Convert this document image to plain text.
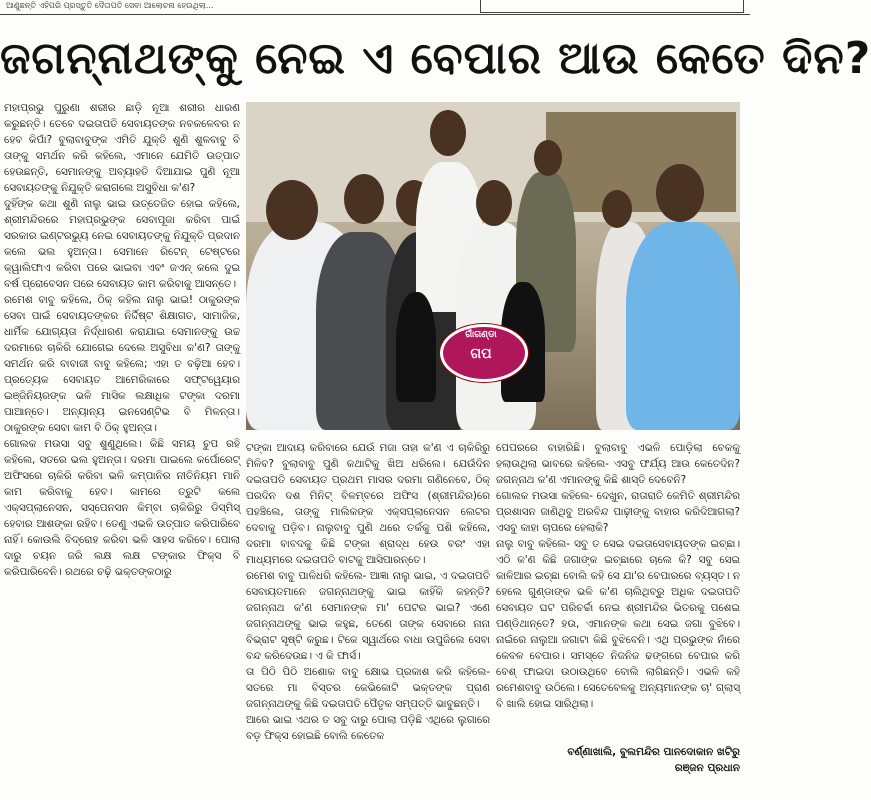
ଆଣୁଛନ୍ତି ଏହିପରି ପ୍ରସ୍ତୁତି ଦୈତାପତି ସେବା ଆଲୋଚନା ହେଉଥିଲା...
ଜଗନ୍ନାଥଙ୍କୁ ନେଇ ଏ ବେପାର ଆଉ କେତେ ଦିନ?

ମହାପ୍ରଭୁ ପୁରୁଣା ଶରୀର ଛାଡ଼ି ନୂଆ ଶରୀର ଧାରଣ କରୁଛନ୍ତି। ତେବେ ଦଇତାପତି ସେବାୟତଙ୍କ ନବକଳେବର ନ ହେବ କିପାଁ? ବୁଲାବାବୁଙ୍କ ଏମିତି ଯୁକ୍ତି ଶୁଣି ଶୁଳବାବୁ ବି ତାଙ୍କୁ ସମର୍ଥନ କରି କହିଲେ, ଏମାନେ ଯେମିତି ଉତ୍ପାତ ହେଉଛନ୍ତି, ସେମାନଙ୍କୁ ଅବ୍ୟାହତି ଦିଆଯାଇ ପୁଣି ନୂଆ ସେବାୟତଙ୍କୁ ନିଯୁକ୍ତି କରାଗଲେ ଅସୁବିଧା କ'ଣ?

ଦୁହିଁଙ୍କ କଥା ଶୁଣି ନାଲୁ ଭାଇ ଉତ୍ତେଜିତ ହୋଇ କହିଲେ, ଶ୍ରୀମନ୍ଦିରରେ ମହାପ୍ରଭୁଙ୍କ ସେବାପୂଜା କରିବା ପାଇଁ ସରକାର ଇଣ୍ଟରଭ୍ୟୁ ନେଇ ସେବାୟତଙ୍କୁ ନିଯୁକ୍ତି ପ୍ରଦାନ କଲେ ଭଲ ହୁଅନ୍ତା। ସେମାନେ ରିଟେନ୍ ଟେଷ୍ଟରେ କ୍ୱାଲିଫାଏ କରିବା ପରେ ଭାଇବା ଏବଂ ଜଏନ୍ କଲେ ଦୁଇ ବର୍ଷ ପ୍ରୋବେସନ ପରେ ସେବାୟତ କାମ କରିବାକୁ ଆସନ୍ତେ।

ରମେଶ ବାବୁ କହିଲେ, ଠିକ୍ କହିଲ ନାଲୁ ଭାଇ! ଠାକୁରଙ୍କ ସେବା ପାଇଁ ସେବାୟତଙ୍କର ନିର୍ଦ୍ଦିଷ୍ଟ ଶିକ୍ଷାଗତ, ସାମାଜିକ, ଧାର୍ମିକ ଯୋଗ୍ୟତା ନିର୍ଦ୍ଧାରଣ କରାଯାଇ ସେମାନଙ୍କୁ ଉଚ୍ଚ ଦରମାରେ ଚାକିରି ଯୋଗେଇ ଦେଲେ ଅସୁବିଧା କ'ଣ? ତାଙ୍କୁ ସମର୍ଥନ କରି ବାବାଜୀ ବାବୁ କହିଲେ; ଏହା ତ ବଢ଼ିଆ ହେବ। ପ୍ରତ୍ୟେକ ସେବାୟତ ଆମେରିକାରେ ସଫ୍ଟୱେୟାର ଇଞ୍ଜିନିୟରଙ୍କ ଭଳି ମାସିକ ଲକ୍ଷାଧିକ ଟଙ୍କା ଦରମା ପାଆନ୍ତେ। ଅନ୍ୟାନ୍ୟ ଇନସେଣ୍ଟିଭ ବି ମିଳନ୍ତା। ଠାକୁରଙ୍କ ସେବା କାମ ବି ଠିକ୍ ହୁଅନ୍ତା।

ଗୋଲକ ମଉସା ସବୁ ଶୁଣୁଥିଲେ। କିଛି ସମୟ ଚୁପ ରହି କହିଲେ, ସତରେ ଭଲ ହୁଅନ୍ତା। ଦରମା ପାଇଲେ କର୍ପୋରେଟ୍ ଅଫିସରେ ଚାକିରି କରିବା ଭଳି କମ୍ପାନିର ନୀତିନିୟମ ମାନି କାମ କରିବାକୁ ହେବ। କାମରେ ତ୍ରୁଟି କଲେ ଏକ୍ସପ୍ଲାନେସନ, ସସ୍ପେନସନ କିମ୍ବା ଚାକିରିରୁ ଡିସ୍‌ମିସ୍ ହେବାର ଆଶଙ୍କା ରହିବ। ତେଣୁ ଏଭଳି ଉତ୍ପାତ କରିପାରିବେ ନାହିଁ। କୋଉଲି ବିଦ୍ରୋହ କରିବା ଭଳି ସାହସ କରିବେ। ପୋଲା ଦାରୁ ଚୟନ ଜରି ଲକ୍ଷ ଲକ୍ଷ ଟଙ୍କାର ଫିକ୍ସ ବି କରିପାରିବେନି। ରଥରେ ଚଢ଼ି ଭକ୍ତଙ୍କଠାରୁ

ଗାଁଗଣ୍ଡା
ଗପ

ଟଙ୍କା ଆଦାୟ କରିବାରେ ଯେଉଁ ମଜା ତାହା କ'ଣ ଏ ଚାକିରିରୁ ମିଳିବ? ବୁଲାବାବୁ ପୁଣି କଥାଟିକୁ ଖିଅ ଧରିଲେ। ଯେଉଁଦିନ ଦଇତାପତି ସେବାୟତ ପ୍ରଥମ ମାସର ଦରମା ଗଣିନେବେ, ଠିକ୍ ପରଦିନ ଦଶ ମିନିଟ୍ ବିଳମ୍ବରେ ଅଫିସ (ଶ୍ରୀମନ୍ଦିର)ରେ ପହଞ୍ଚିଲେ, ତାଙ୍କୁ ମାଲିକଙ୍କ ଏକ୍ସପ୍ଲାନେସନ ଲେଟର ଦେବାକୁ ପଡ଼ିବ। ନାଲୁବାବୁ ପୁଣି ଥରେ ତର୍କକୁ ପଶି କହିଲେ, ଦରମା ବାବଦକୁ କିଛି ଟଙ୍କା ଶ୍ରାଦ୍ଧ ହେଉ ବରଂ ଏହା ମାଧ୍ୟମରେ ଦଇତାପତି ବାଟକୁ ଆସିପାରନ୍ତେ।

ରମେଶ ବାବୁ ପାଳିଧରି କହିଲେ- ଆଜ୍ଞା ନାଲୁ ଭାଇ, ଏ ଦଇତାପତି ସେବାୟତମାନେ ଜଗନ୍ନାଥଙ୍କୁ ଭାଇ କାହିଁକି କହନ୍ତି? ଜଗନ୍ନାଥ କ'ଣ ସେମାନଙ୍କ ମା' ପେଟର ଭାଇ? ଏଣେ ଜଗନ୍ନାଥଙ୍କୁ ଭାଇ କହୁଛ, ତେଣେ ତାଙ୍କ ସେବାରେ ନାନା ବିଭ୍ରାଟ ସୃଷ୍ଟି କରୁଛ। ଟିକେ ସ୍ୱାର୍ଥରେ ବାଧା ଉପୁଜିଲେ ସେବା ବନ୍ଦ କରିଦେଉଛ। ଏ କି ଫାର୍ସ।

ତା ପିଠି ପିଠି ଅଶୋକ ବାବୁ କ୍ଷୋଭ ପ୍ରକାଶ କରି କହିଲେ- ସତରେ ମା ବିସ୍ତର କେଭିକୋଟି ଭକ୍ତଙ୍କ ପ୍ରାଣ ଜଗନ୍ନାଥଙ୍କୁ କିଛି ଦଇତାପତି ପୈତୃକ ସମ୍ପତ୍ତି ଭାବୁଛନ୍ତି।

ଆରେ ଭାଇ ଏଥର ତ ସବୁ ଦାରୁ ପୋଲା ପଡ଼ିଛି ଏଥିରେ ଲୁଗାରେ ବଡ଼ ଫିକ୍ସ ହୋଇଛି ବୋଲି କେତେକ

ପେପରରେ ବାହାରିଛି। ବୁଲାବାବୁ ଏଭଳି ପୋଡ଼ିଲା ବେକକୁ ହଲାଉଥିଲା ଭାବରେ କହିଲେ- ଏସବୁ ଫର୍ଯ୍ୟ ଆଉ କେତେଦିନ? ଜଗନ୍ନାଥ କ'ଣ ଏମାନଙ୍କୁ କିଛି ଶାସ୍ତି ଦେବେନି?

ଗୋଲକ ମଉସା କହିଲେ- ଦେଖୁନ, ରାତାରାତି କେମିତି ଶ୍ରୀମନ୍ଦିର ପ୍ରଶାସନ ଜାଣିଥିବୁ ଅରବିନ୍ଦ ପାଢ଼ୀଙ୍କୁ ବାହାର କରିଦିଆଗଲା? ଏସବୁ କାହା ଚାପରେ ହେଲାକି?

ନାଲୁ ବାବୁ କହିଲେ- ସବୁ ତ ସେଇ ଦଇତାସେବାୟତଙ୍କ ଇଚ୍ଛା। ଏଠି କ'ଣ କିଛି ଜଗାଙ୍କ ଇଚ୍ଛାରେ ଚାଲେ କି? ସବୁ ସେଇ କାଳିଆର ଇଚ୍ଛା ବୋଲି କହି ସେ ଯା'ର ବେପାରରେ ବ୍ୟସ୍ତ। ନ ହେଲେ ଗୁଣ୍ଡାଙ୍କ ଭଳି କ'ଣ ଚାଲିଥିବ୍ରୁ ଅଧିକ ଦଇତାପତି ସେବାୟତ ଘଟ ପରିଚର୍ଚ୍ଚା ନେଇ ଶ୍ରୀମନ୍ଦିର ଭିତରକୁ ପଶେଇ ପଣ୍ଡିଥାନ୍ତେ? ହଉ, ଏମାନଙ୍କ କଥା ସେଇ ଜଗା ବୁଝିବେ। ନାଇଁରେ ନାଲୁଆ ଜଗାଟା କିଛି ବୁଝିବେନି। ଏଥି ପ୍ରଭୁଙ୍କ ନାଁରେ କେବଳ ବେପାର। ସମସ୍ତେ ନିଜନିଜ ଢଙ୍ଗରେ ବେପାର କରି ବେଶ୍ ଫାଇଦା ଉଠାଉଥିବେ ବୋଲି ଲାଗିଛନ୍ତି। ଏଭଳି କହି ରମେଶବାବୁ ଉଠିଲେ। ସେତେବେଳକୁ ଅନ୍ୟମାନଙ୍କ ଚା' ଗ୍ଲାସ୍ ବି ଖାଲି ହୋଇ ସାରିଥିଲା।

ବର୍ଣ୍ଣାଖାଲି, ବୁଲମନ୍ଦିର ପାନଦୋକାନ ଖଟିରୁ
ରଞ୍ଜନ ପ୍ରଧାନ
